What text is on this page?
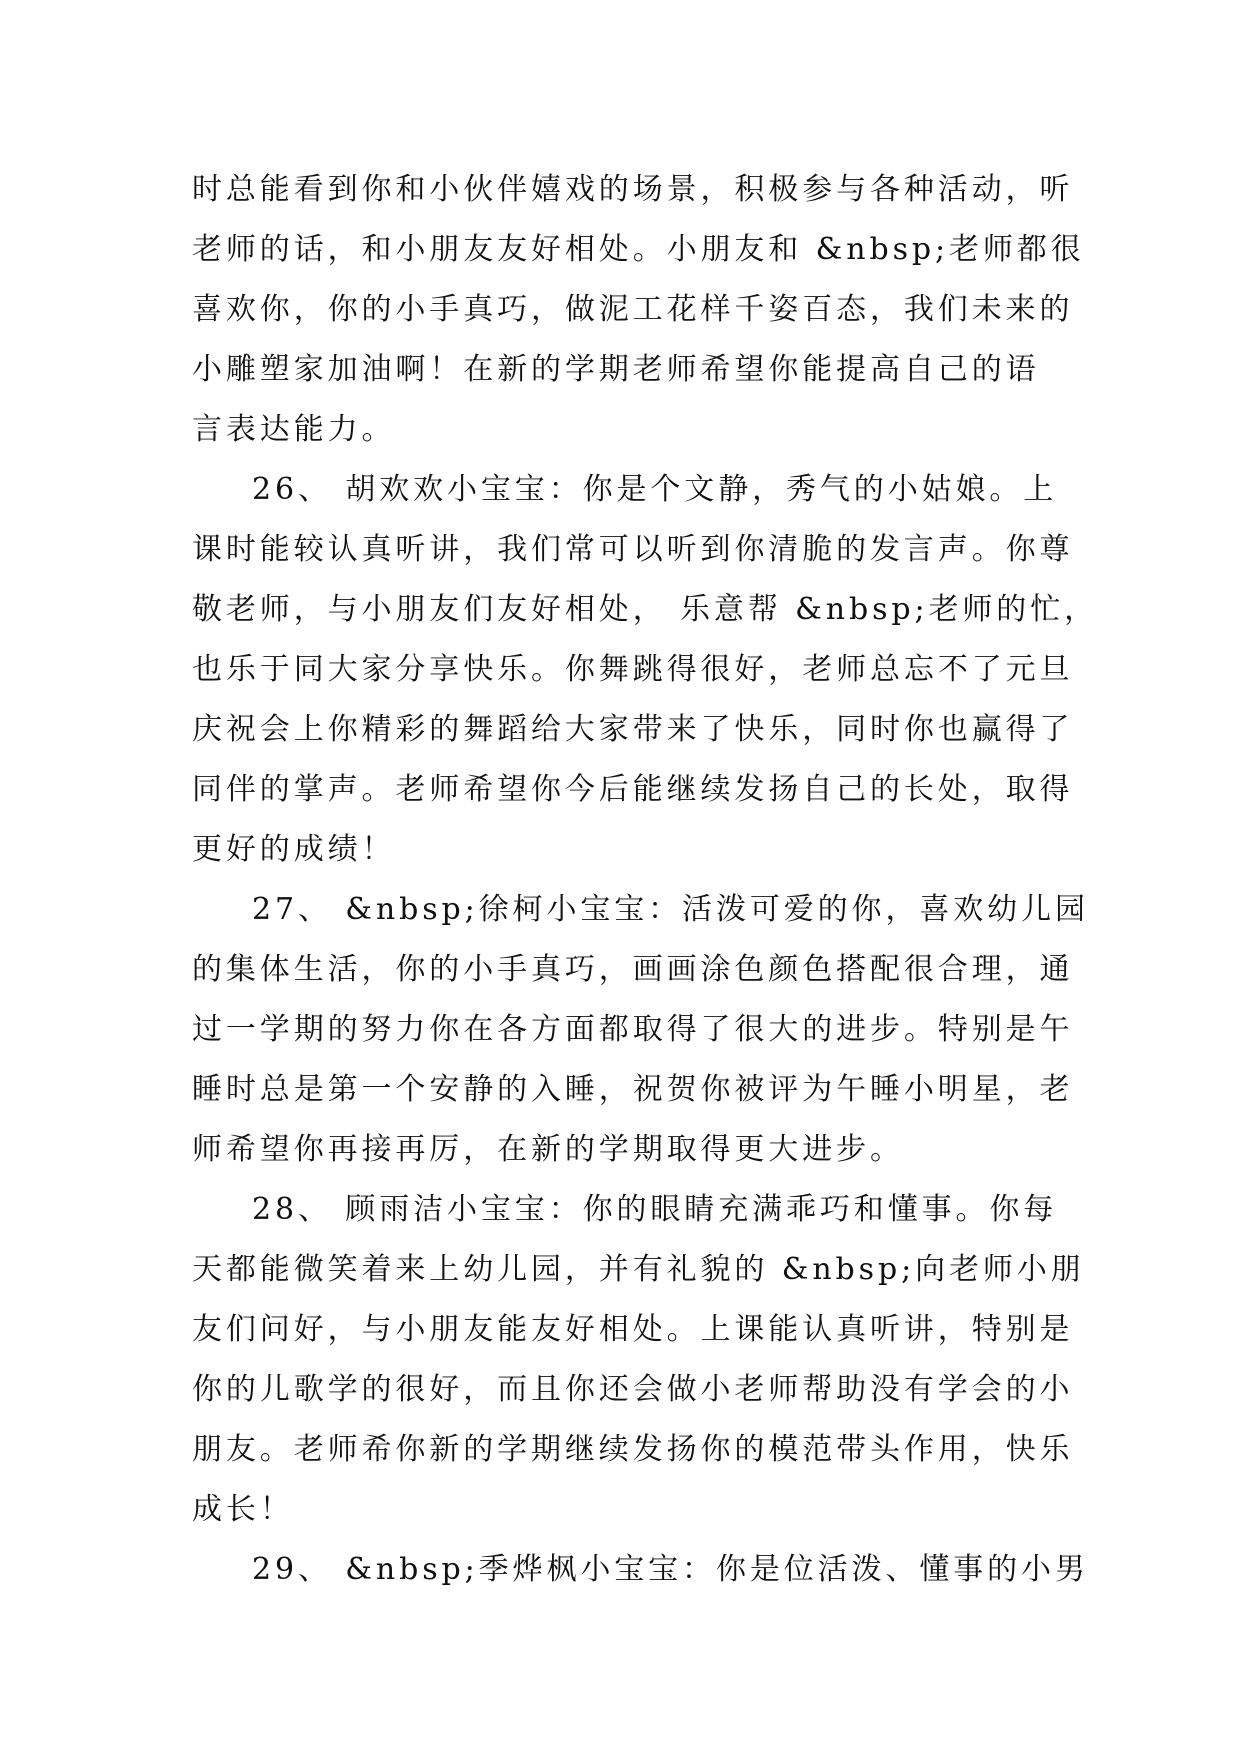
时总能看到你和小伙伴嬉戏的场景，积极参与各种活动，听
老师的话，和小朋友友好相处。小朋友和 &nbsp;老师都很
喜欢你，你的小手真巧，做泥工花样千姿百态，我们未来的
小雕塑家加油啊！在新的学期老师希望你能提高自己的语
言表达能力。
26、 胡欢欢小宝宝：你是个文静，秀气的小姑娘。上
课时能较认真听讲，我们常可以听到你清脆的发言声。你尊
敬老师，与小朋友们友好相处， 乐意帮 &nbsp;老师的忙，
也乐于同大家分享快乐。你舞跳得很好，老师总忘不了元旦
庆祝会上你精彩的舞蹈给大家带来了快乐，同时你也赢得了
同伴的掌声。老师希望你今后能继续发扬自己的长处，取得
更好的成绩！
27、 &nbsp;徐柯小宝宝：活泼可爱的你，喜欢幼儿园
的集体生活，你的小手真巧，画画涂色颜色搭配很合理，通
过一学期的努力你在各方面都取得了很大的进步。特别是午
睡时总是第一个安静的入睡，祝贺你被评为午睡小明星，老
师希望你再接再厉，在新的学期取得更大进步。
28、 顾雨洁小宝宝：你的眼睛充满乖巧和懂事。你每
天都能微笑着来上幼儿园，并有礼貌的 &nbsp;向老师小朋
友们问好，与小朋友能友好相处。上课能认真听讲，特别是
你的儿歌学的很好，而且你还会做小老师帮助没有学会的小
朋友。老师希你新的学期继续发扬你的模范带头作用，快乐
成长！
29、 &nbsp;季烨枫小宝宝：你是位活泼、懂事的小男
